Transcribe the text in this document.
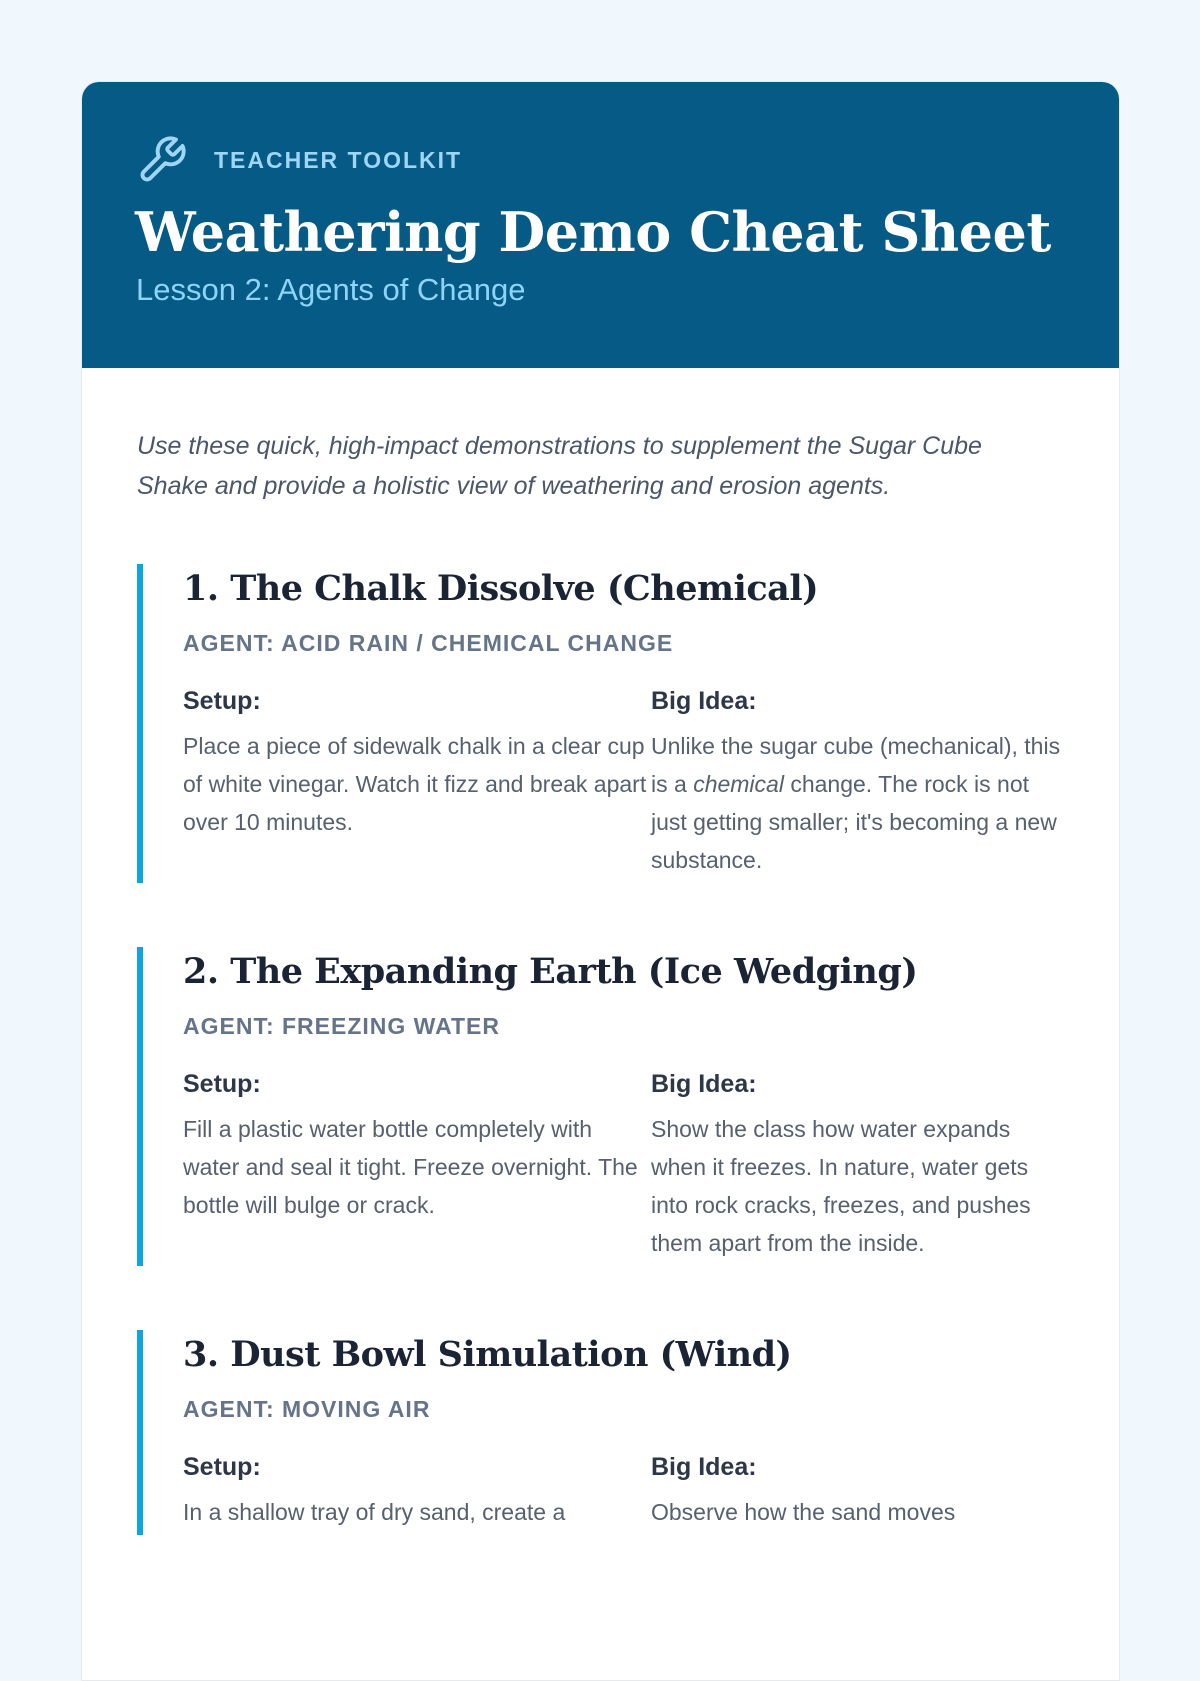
TEACHER TOOLKIT
Weathering Demo Cheat Sheet
Lesson 2: Agents of Change

Use these quick, high-impact demonstrations to supplement the Sugar Cube Shake and provide a holistic view of weathering and erosion agents.

1. The Chalk Dissolve (Chemical)
AGENT: ACID RAIN / CHEMICAL CHANGE
Setup:

Place a piece of sidewalk chalk in a clear cup of white vinegar. Watch it fizz and break apart over 10 minutes.

Big Idea:

Unlike the sugar cube (mechanical), this is a chemical change. The rock is not just getting smaller; it's becoming a new substance.

2. The Expanding Earth (Ice Wedging)
AGENT: FREEZING WATER
Setup:

Fill a plastic water bottle completely with water and seal it tight. Freeze overnight. The bottle will bulge or crack.

Big Idea:

Show the class how water expands when it freezes. In nature, water gets into rock cracks, freezes, and pushes them apart from the inside.

3. Dust Bowl Simulation (Wind)
AGENT: MOVING AIR
Setup:

In a shallow tray of dry sand, create a

Big Idea:

Observe how the sand moves
